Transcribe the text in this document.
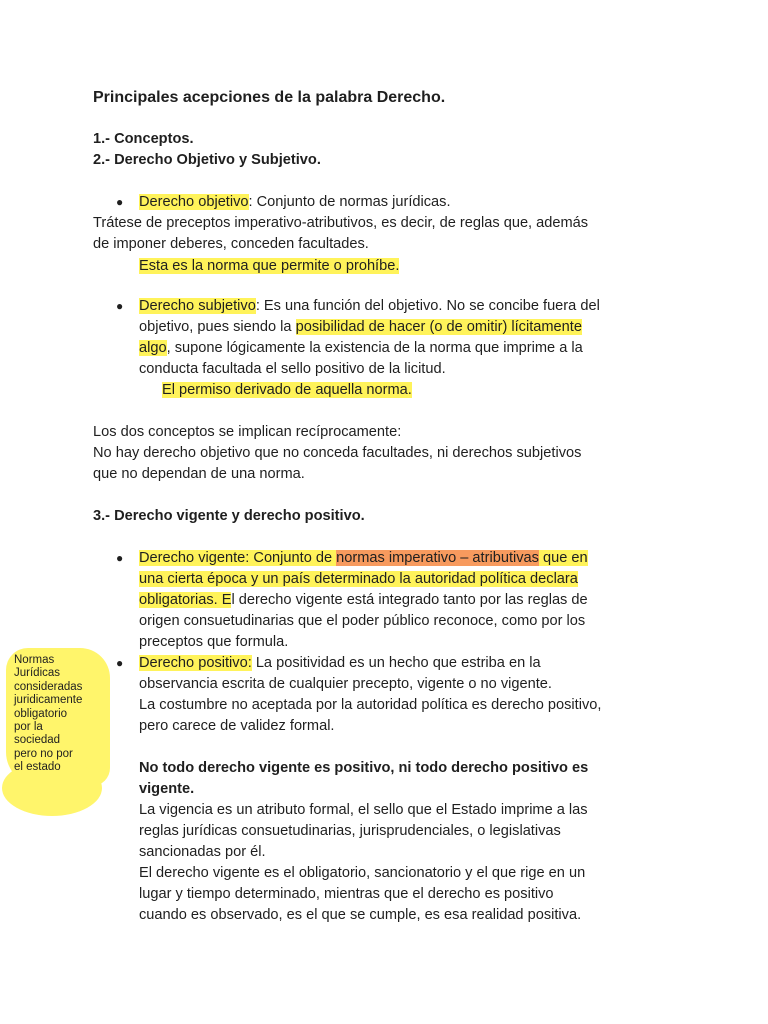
Principales acepciones de la palabra Derecho.
1.- Conceptos.
2.- Derecho Objetivo y Subjetivo.
● Derecho objetivo: Conjunto de normas jurídicas.
Trátese de preceptos imperativo-atributivos, es decir, de reglas que, además
de imponer deberes, conceden facultades.
Esta es la norma que permite o prohíbe.
● Derecho subjetivo: Es una función del objetivo. No se concibe fuera del
objetivo, pues siendo la posibilidad de hacer (o de omitir) lícitamente
algo, supone lógicamente la existencia de la norma que imprime a la
conducta facultada el sello positivo de la licitud.
El permiso derivado de aquella norma.
Los dos conceptos se implican recíprocamente:
No hay derecho objetivo que no conceda facultades, ni derechos subjetivos
que no dependan de una norma.
3.- Derecho vigente y derecho positivo.
● Derecho vigente: Conjunto de normas imperativo – atributivas que en
una cierta época y un país determinado la autoridad política declara
obligatorias. El derecho vigente está integrado tanto por las reglas de
origen consuetudinarias que el poder público reconoce, como por los
preceptos que formula.
● Derecho positivo: La positividad es un hecho que estriba en la
observancia escrita de cualquier precepto, vigente o no vigente.
La costumbre no aceptada por la autoridad política es derecho positivo,
pero carece de validez formal.
No todo derecho vigente es positivo, ni todo derecho positivo es
vigente.
La vigencia es un atributo formal, el sello que el Estado imprime a las
reglas jurídicas consuetudinarias, jurisprudenciales, o legislativas
sancionadas por él.
El derecho vigente es el obligatorio, sancionatorio y el que rige en un
lugar y tiempo determinado, mientras que el derecho es positivo
cuando es observado, es el que se cumple, es esa realidad positiva.
Normas
Jurídicas
consideradas
juridicamente
obligatorio
por la
sociedad
pero no por
el estado
